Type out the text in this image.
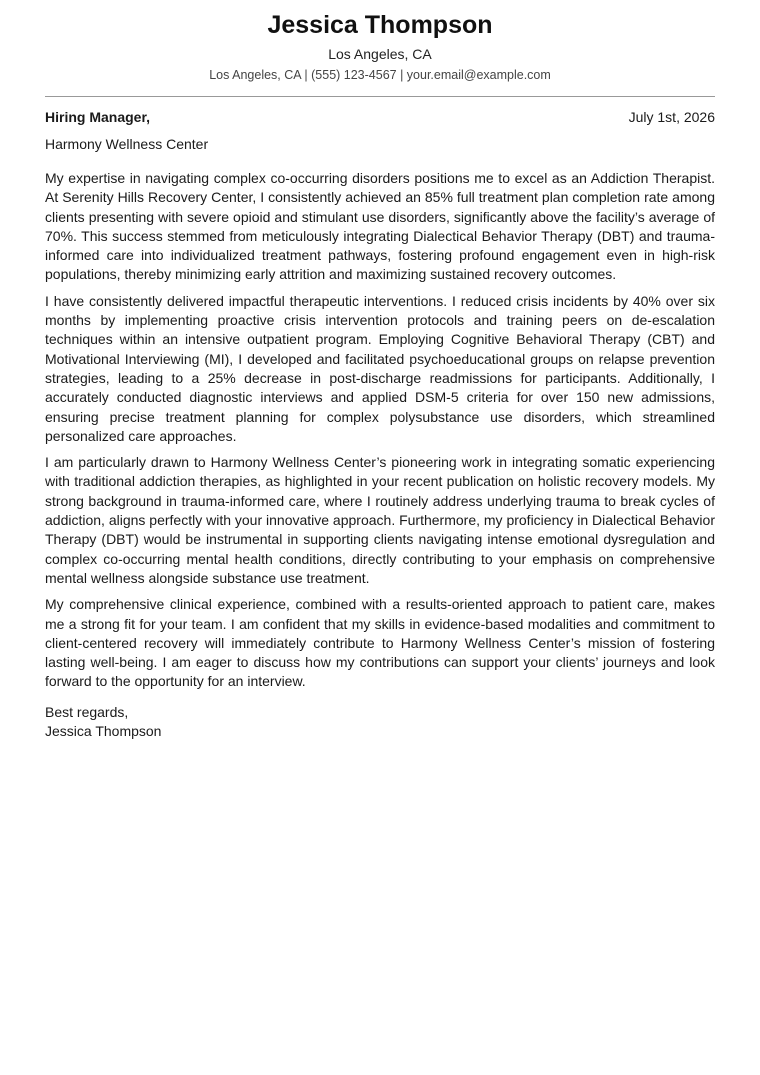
Jessica Thompson
Los Angeles, CA
Los Angeles, CA | (555) 123-4567 | your.email@example.com
Hiring Manager,	July 1st, 2026
Harmony Wellness Center

My expertise in navigating complex co-occurring disorders positions me to excel as an Addiction Therapist. At Serenity Hills Recovery Center, I consistently achieved an 85% full treatment plan completion rate among clients presenting with severe opioid and stimulant use disorders, significantly above the facility’s average of 70%. This success stemmed from meticulously integrating Dialectical Behavior Therapy (DBT) and trauma-informed care into individualized treatment pathways, fostering profound engagement even in high-risk populations, thereby minimizing early attrition and maximizing sustained recovery outcomes.

I have consistently delivered impactful therapeutic interventions. I reduced crisis incidents by 40% over six months by implementing proactive crisis intervention protocols and training peers on de-escalation techniques within an intensive outpatient program. Employing Cognitive Behavioral Therapy (CBT) and Motivational Interviewing (MI), I developed and facilitated psychoeducational groups on relapse prevention strategies, leading to a 25% decrease in post-discharge readmissions for participants. Additionally, I accurately conducted diagnostic interviews and applied DSM-5 criteria for over 150 new admissions, ensuring precise treatment planning for complex polysubstance use disorders, which streamlined personalized care approaches.

I am particularly drawn to Harmony Wellness Center’s pioneering work in integrating somatic experiencing with traditional addiction therapies, as highlighted in your recent publication on holistic recovery models. My strong background in trauma-informed care, where I routinely address underlying trauma to break cycles of addiction, aligns perfectly with your innovative approach. Furthermore, my proficiency in Dialectical Behavior Therapy (DBT) would be instrumental in supporting clients navigating intense emotional dysregulation and complex co-occurring mental health conditions, directly contributing to your emphasis on comprehensive mental wellness alongside substance use treatment.

My comprehensive clinical experience, combined with a results-oriented approach to patient care, makes me a strong fit for your team. I am confident that my skills in evidence-based modalities and commitment to client-centered recovery will immediately contribute to Harmony Wellness Center’s mission of fostering lasting well-being. I am eager to discuss how my contributions can support your clients’ journeys and look forward to the opportunity for an interview.

Best regards,
Jessica Thompson
